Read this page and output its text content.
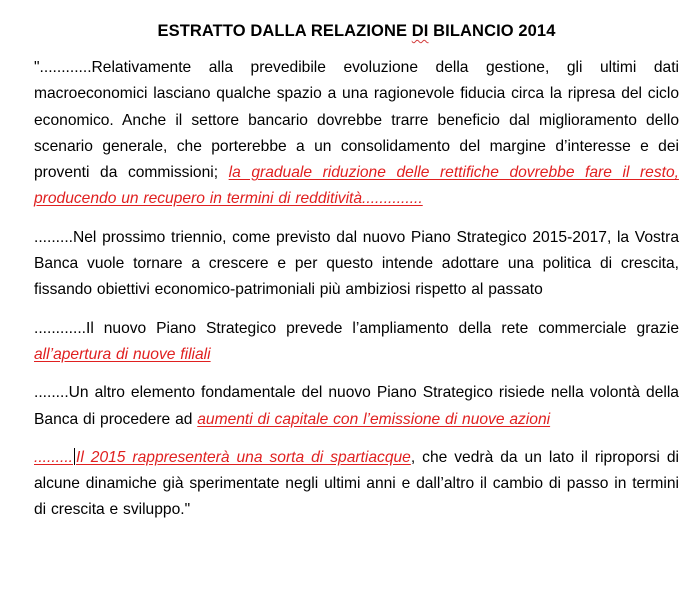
ESTRATTO DALLA RELAZIONE DI BILANCIO 2014

"............Relativamente alla prevedibile evoluzione della gestione, gli ultimi dati macroeconomici lasciano qualche spazio a una ragionevole fiducia circa la ripresa del ciclo economico. Anche il settore bancario dovrebbe trarre beneficio dal miglioramento dello scenario generale, che porterebbe a un consolidamento del margine d’interesse e dei proventi da commissioni; la graduale riduzione delle rettifiche dovrebbe fare il resto, producendo un recupero in termini di redditività..............

.........Nel prossimo triennio, come previsto dal nuovo Piano Strategico 2015-2017, la Vostra Banca vuole tornare a crescere e per questo intende adottare una politica di crescita, fissando obiettivi economico-patrimoniali più ambiziosi rispetto al passato

............Il nuovo Piano Strategico prevede l’ampliamento della rete commerciale grazie all’apertura di nuove filiali

........Un altro elemento fondamentale del nuovo Piano Strategico risiede nella volontà della Banca di procedere ad aumenti di capitale con l’emissione di nuove azioni

......... Il 2015 rappresenterà una sorta di spartiacque, che vedrà da un lato il riproporsi di alcune dinamiche già sperimentate negli ultimi anni e dall’altro il cambio di passo in termini di crescita e sviluppo."
